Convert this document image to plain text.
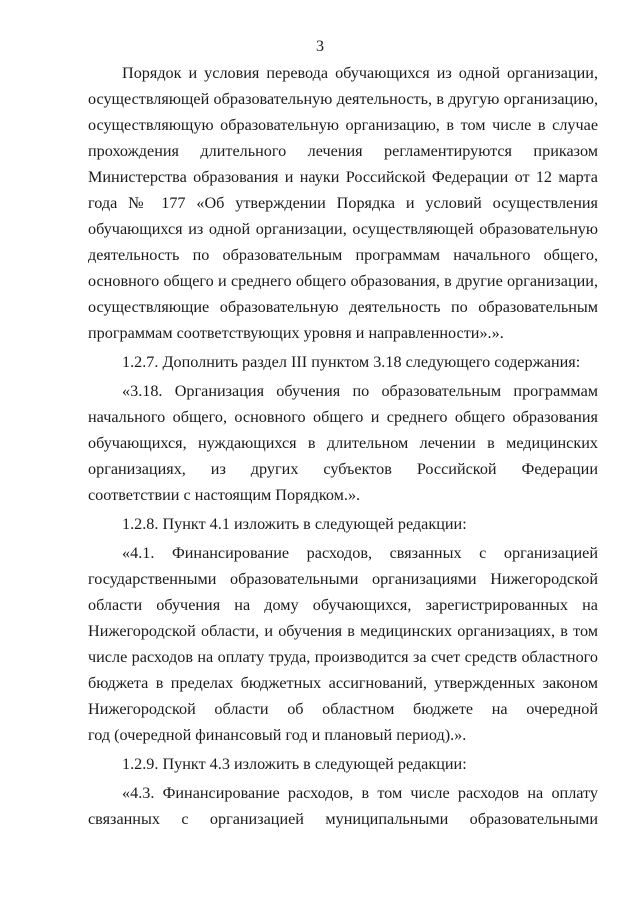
3
Порядок и условия перевода обучающихся из одной организации,
осуществляющей образовательную деятельность, в другую организацию,
осуществляющую образовательную организацию, в том числе в случае
прохождения длительного лечения регламентируются приказом
Министерства образования и науки Российской Федерации от 12 марта
года № 177 «Об утверждении Порядка и условий осуществления
обучающихся из одной организации, осуществляющей образовательную
деятельность по образовательным программам начального общего,
основного общего и среднего общего образования, в другие организации,
осуществляющие образовательную деятельность по образовательным
программам соответствующих уровня и направленности».».
1.2.7. Дополнить раздел III пунктом 3.18 следующего содержания:
«3.18. Организация обучения по образовательным программам
начального общего, основного общего и среднего общего образования
обучающихся, нуждающихся в длительном лечении в медицинских
организациях, из других субъектов Российской Федерации
соответствии с настоящим Порядком.».
1.2.8. Пункт 4.1 изложить в следующей редакции:
«4.1. Финансирование расходов, связанных с организацией
государственными образовательными организациями Нижегородской
области обучения на дому обучающихся, зарегистрированных на
Нижегородской области, и обучения в медицинских организациях, в том
числе расходов на оплату труда, производится за счет средств областного
бюджета в пределах бюджетных ассигнований, утвержденных законом
Нижегородской области об областном бюджете на очередной
год (очередной финансовый год и плановый период).».
1.2.9. Пункт 4.3 изложить в следующей редакции:
«4.3. Финансирование расходов, в том числе расходов на оплату
связанных с организацией муниципальными образовательными
